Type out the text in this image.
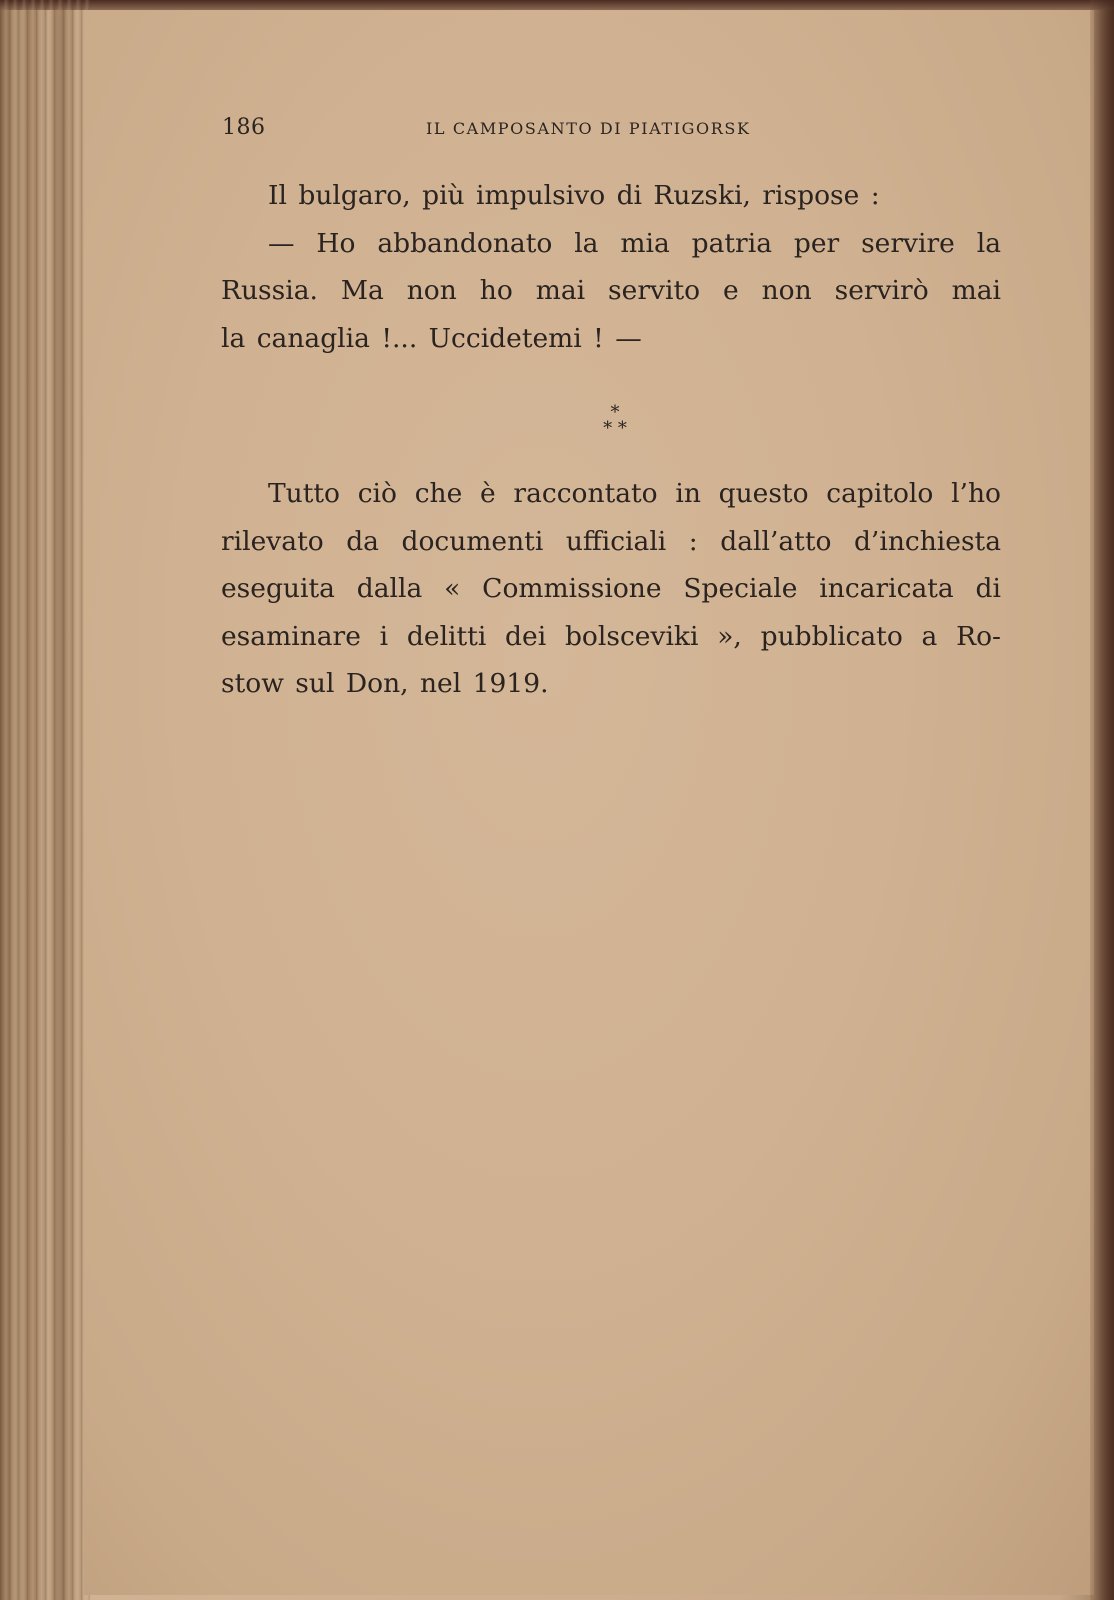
186	IL CAMPOSANTO DI PIATIGORSK
Il bulgaro, più impulsivo di Ruzski, rispose :
— Ho abbandonato la mia patria per servire la
Russia. Ma non ho mai servito e non servirò mai
la canaglia !... Uccidetemi ! —
*
* *
Tutto ciò che è raccontato in questo capitolo l’ho
rilevato da documenti ufficiali : dall’atto d’inchiesta
eseguita dalla « Commissione Speciale incaricata di
esaminare i delitti dei bolsceviki », pubblicato a Ro-
stow sul Don, nel 1919.
